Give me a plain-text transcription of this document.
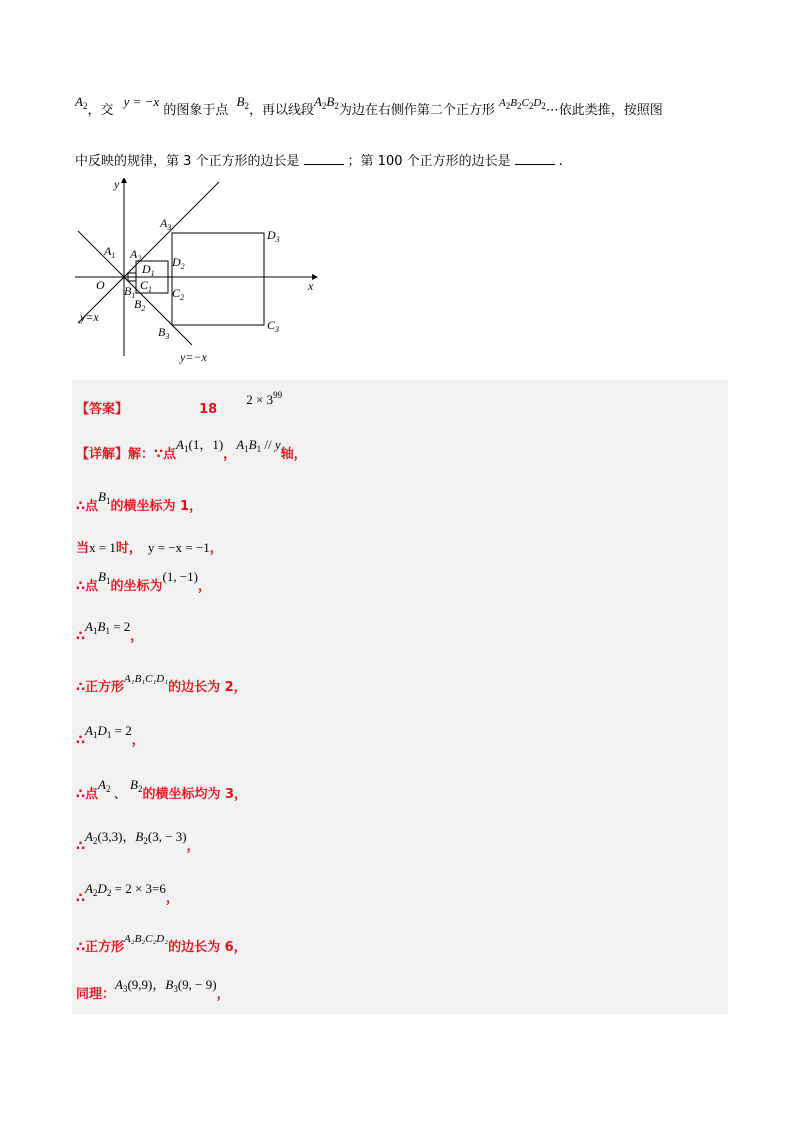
$A_2$，交 y = −x 的图象于点 $B_2$，再以线段$A_2B_2$为边在右侧作第二个正方形 $^{A_2B_2C_2D_2}$⋯依此类推，按照图
中反映的规律，第 3 个正方形的边长是	；第 100 个正方形的边长是	.
x
y
O
y=x
y=−x
$A_1$ $A_2$
$A_3$
$B_1$
$B_2$
$B_3$
$C_1$ $C_2$
$C_3$
$D_1$
$D_2$
$D_3$
【答案】	18  $2 \times 3^{99}$
【详解】解：∵点$A_1(1$，1)，$A_1B_1$ // y轴，
∴点$B_1$的横坐标为 1，
当x = 1时， y = −x = −1，
∴点$B_1$的坐标为(1, −1)，
$\therefore A_1B_1 = 2$，
∴正方形$^{A_1B_1C_1D_1}$的边长为 2，
$\therefore A_1D_1 = 2$，
∴点$A_2$ 、 $B_2$的横坐标均为 3，
$\therefore A_2(3,3)$，$B_2(3$, − 3)，
$\therefore A_2D_2 = 2 \times 3=6$，
∴正方形$^{A_2B_2C_2D_2}$的边长为 6，
同理：$A_3(9,9)$，$B_3(9$, − 9)，
